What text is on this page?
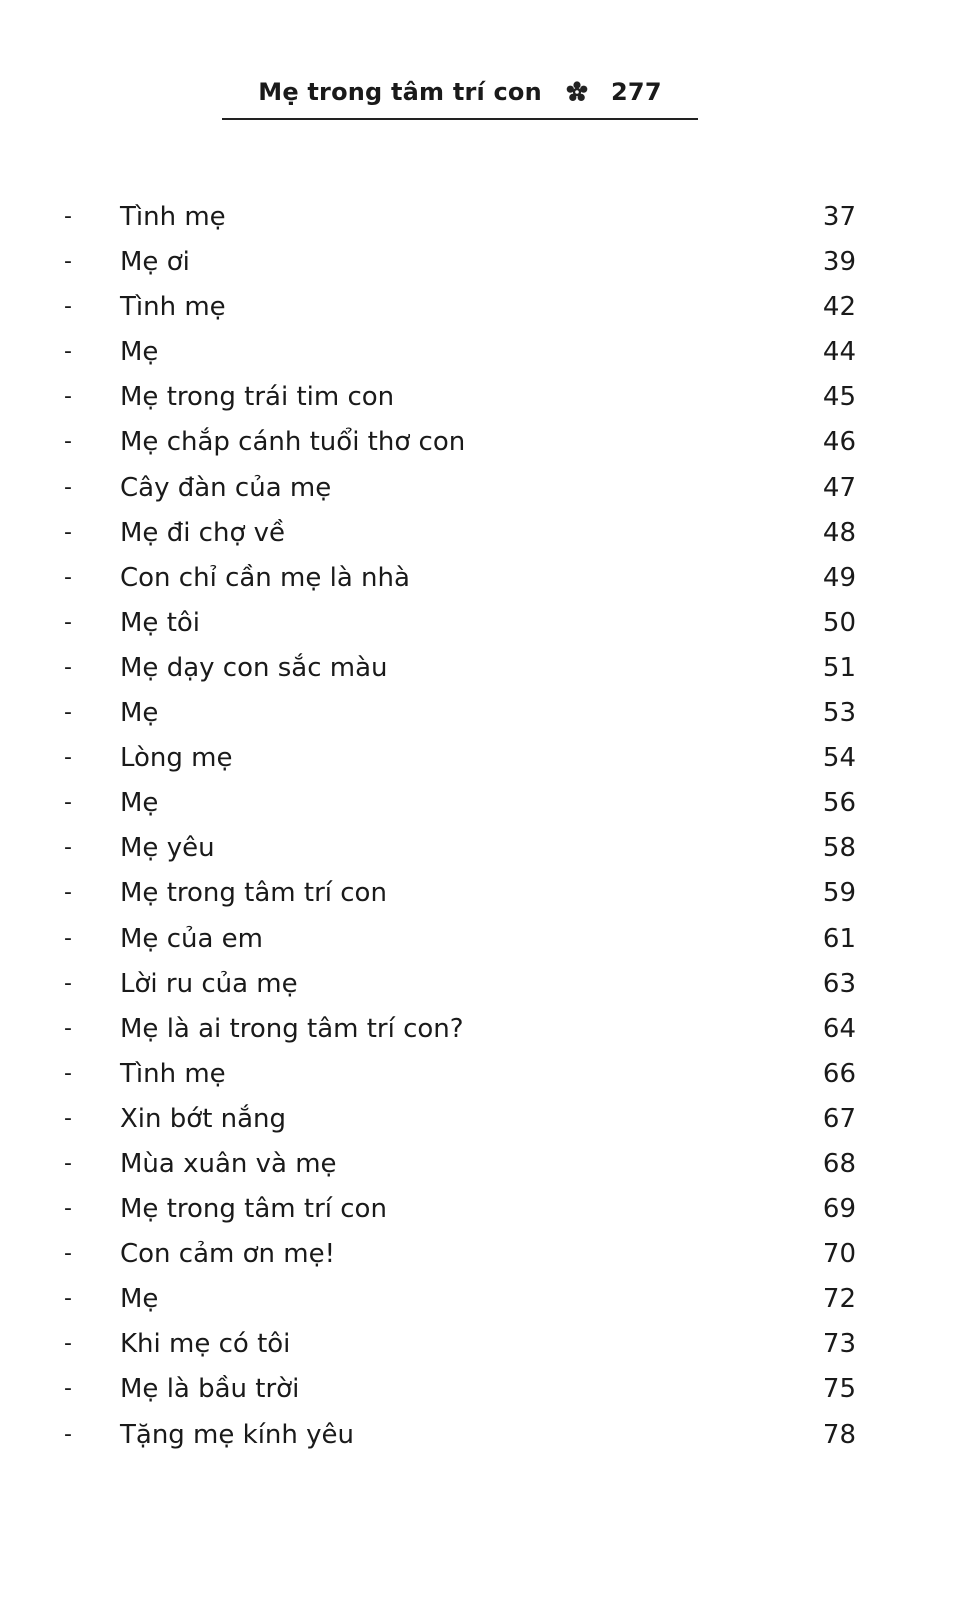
Mẹ trong tâm trí con	277
- Tình mẹ	37
- Mẹ ơi	39
- Tình mẹ	42
- Mẹ	44
- Mẹ trong trái tim con	45
- Mẹ chắp cánh tuổi thơ con	46
- Cây đàn của mẹ	47
- Mẹ đi chợ về	48
- Con chỉ cần mẹ là nhà	49
- Mẹ tôi	50
- Mẹ dạy con sắc màu	51
- Mẹ	53
- Lòng mẹ	54
- Mẹ	56
- Mẹ yêu	58
- Mẹ trong tâm trí con	59
- Mẹ của em	61
- Lời ru của mẹ	63
- Mẹ là ai trong tâm trí con?	64
- Tình mẹ	66
- Xin bớt nắng	67
- Mùa xuân và mẹ	68
- Mẹ trong tâm trí con	69
- Con cảm ơn mẹ!	70
- Mẹ	72
- Khi mẹ có tôi	73
- Mẹ là bầu trời	75
- Tặng mẹ kính yêu	78
